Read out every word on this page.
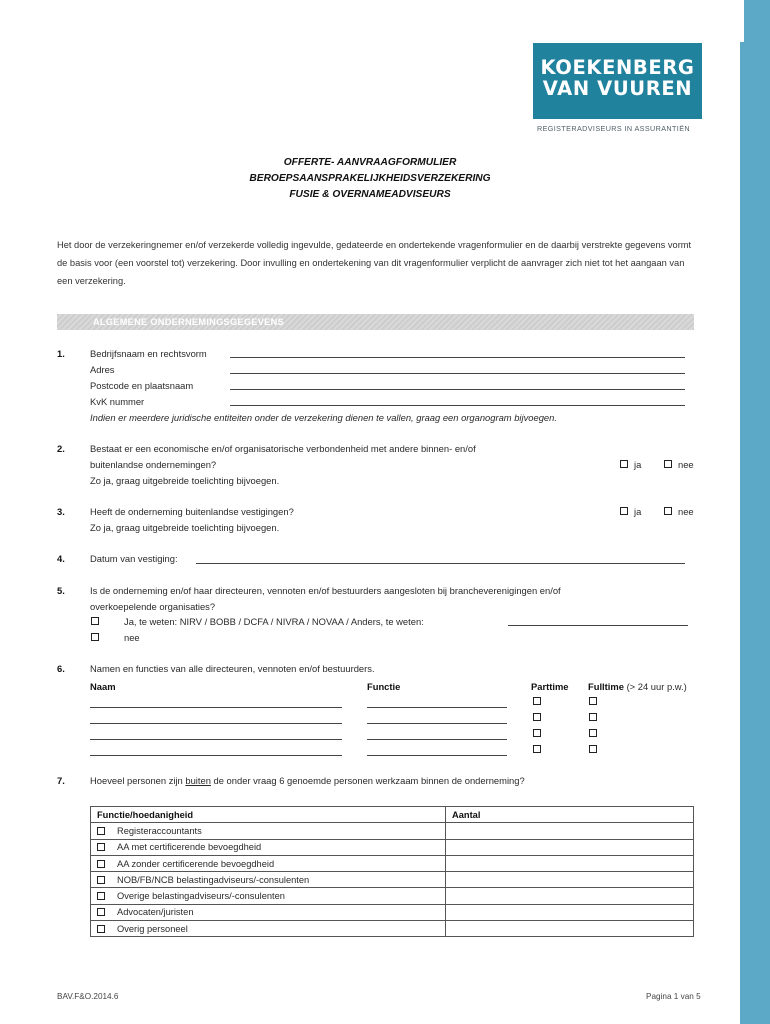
KOEKENBERG
VAN VUUREN
REGISTERADVISEURS IN ASSURANTIËN
OFFERTE- AANVRAAGFORMULIER
BEROEPSAANSPRAKELIJKHEIDSVERZEKERING
FUSIE & OVERNAMEADVISEURS
Het door de verzekeringnemer en/of verzekerde volledig ingevulde, gedateerde en ondertekende vragenformulier en de daarbij verstrekte gegevens vormt de basis voor (een voorstel tot) verzekering. Door invulling en ondertekening van dit vragenformulier verplicht de aanvrager zich niet tot het aangaan van een verzekering.
ALGEMENE ONDERNEMINGSGEGEVENS
1.	Bedrijfsnaam en rechtsvorm
Adres
Postcode en plaatsnaam
KvK nummer
Indien er meerdere juridische entiteiten onder de verzekering dienen te vallen, graag een organogram bijvoegen.
2.	Bestaat er een economische en/of organisatorische verbondenheid met andere binnen- en/of
buitenlandse ondernemingen?
Zo ja, graag uitgebreide toelichting bijvoegen.
ja	nee
3.	Heeft de onderneming buitenlandse vestigingen?
Zo ja, graag uitgebreide toelichting bijvoegen.
ja	nee
4.	Datum van vestiging:
5.	Is de onderneming en/of haar directeuren, vennoten en/of bestuurders aangesloten bij brancheverenigingen en/of
overkoepelende organisaties?
Ja, te weten: NIRV / BOBB / DCFA / NIVRA / NOVAA / Anders, te weten:
nee
6.	Namen en functies van alle directeuren, vennoten en/of bestuurders.
Naam	Functie	Parttime Fulltime (> 24 uur p.w.)
7.	Hoeveel personen zijn buiten de onder vraag 6 genoemde personen werkzaam binnen de onderneming?
Functie/hoedanigheid	Aantal
Registeraccountants	
AA met certificerende bevoegdheid	
AA zonder certificerende bevoegdheid	
NOB/FB/NCB belastingadviseurs/-consulenten	
Overige belastingadviseurs/-consulenten	
Advocaten/juristen	
Overig personeel	
BAV.F&O.2014.6	Pagina 1 van 5
